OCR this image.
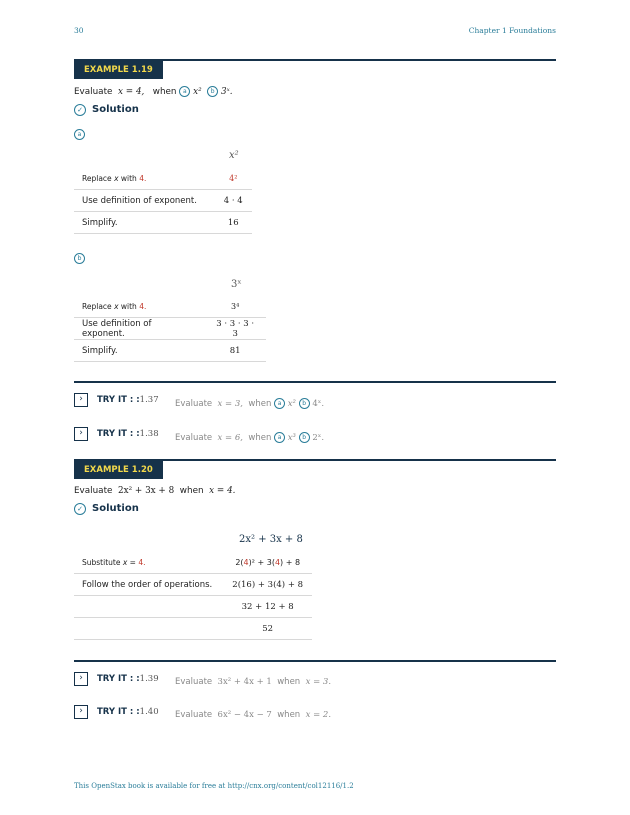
30	Chapter 1 Foundations
EXAMPLE 1.19
Evaluate x = 4, when a x² b 3ˣ.
✓ Solution
a
x²
Replace x with 4.	4²
Use definition of exponent.	4 · 4
Simplify.	16
b
3ˣ
Replace x with 4.	3⁴
Use definition of exponent.	3 · 3 · 3 · 3
Simplify.	81
›	TRY IT : :1.37 Evaluate x = 3, when a x² b 4ˣ.
›	TRY IT : :1.38 Evaluate x = 6, when a x³ b 2ˣ.
EXAMPLE 1.20
Evaluate 2x² + 3x + 8 when x = 4.
✓ Solution
2x² + 3x + 8
Substitute x = 4.	2(4)² + 3(4) + 8
Follow the order of operations.	2(16) + 3(4) + 8
	32 + 12 + 8
	52
›	TRY IT : :1.39 Evaluate 3x² + 4x + 1 when x = 3.
›	TRY IT : :1.40 Evaluate 6x² − 4x − 7 when x = 2.
This OpenStax book is available for free at http://cnx.org/content/col12116/1.2
